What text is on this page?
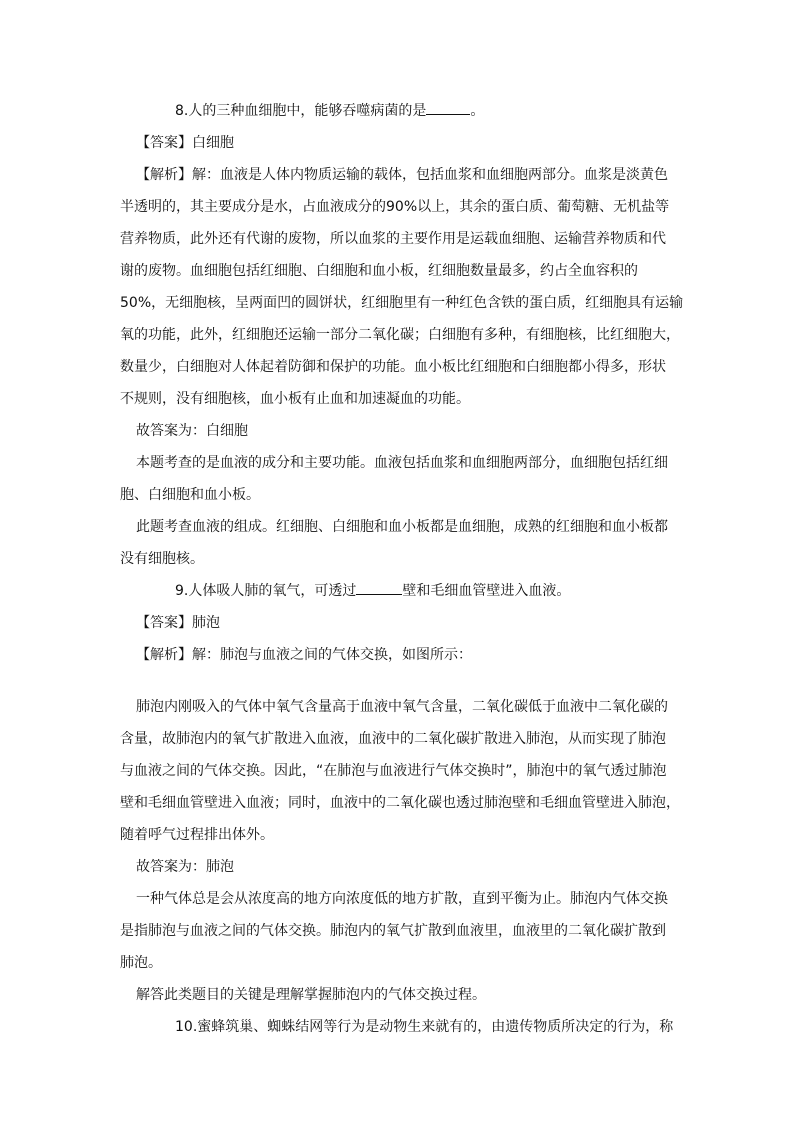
8.人的三种血细胞中，能够吞噬病菌的是	。
【答案】白细胞
【解析】解：血液是人体内物质运输的载体，包括血浆和血细胞两部分。血浆是淡黄色
半透明的，其主要成分是水，占血液成分的90%以上，其余的蛋白质、葡萄糖、无机盐等
营养物质，此外还有代谢的废物，所以血浆的主要作用是运载血细胞、运输营养物质和代
谢的废物。血细胞包括红细胞、白细胞和血小板，红细胞数量最多，约占全血容积的
50%，无细胞核，呈两面凹的圆饼状，红细胞里有一种红色含铁的蛋白质，红细胞具有运输
氧的功能，此外，红细胞还运输一部分二氧化碳；白细胞有多种，有细胞核，比红细胞大，
数量少，白细胞对人体起着防御和保护的功能。血小板比红细胞和白细胞都小得多，形状
不规则，没有细胞核，血小板有止血和加速凝血的功能。
故答案为：白细胞
本题考查的是血液的成分和主要功能。血液包括血浆和血细胞两部分，血细胞包括红细
胞、白细胞和血小板。
此题考查血液的组成。红细胞、白细胞和血小板都是血细胞，成熟的红细胞和血小板都
没有细胞核。
9.人体吸人肺的氧气，可透过	壁和毛细血管壁进入血液。
【答案】肺泡
【解析】解：肺泡与血液之间的气体交换，如图所示：
肺泡内刚吸入的气体中氧气含量高于血液中氧气含量，二氧化碳低于血液中二氧化碳的
含量，故肺泡内的氧气扩散进入血液，血液中的二氧化碳扩散进入肺泡，从而实现了肺泡
与血液之间的气体交换。因此，“在肺泡与血液进行气体交换时”，肺泡中的氧气透过肺泡
壁和毛细血管壁进入血液；同时，血液中的二氧化碳也透过肺泡壁和毛细血管壁进入肺泡，
随着呼气过程排出体外。
故答案为：肺泡
一种气体总是会从浓度高的地方向浓度低的地方扩散，直到平衡为止。肺泡内气体交换
是指肺泡与血液之间的气体交换。肺泡内的氧气扩散到血液里，血液里的二氧化碳扩散到
肺泡。
解答此类题目的关键是理解掌握肺泡内的气体交换过程。
10.蜜蜂筑巢、蜘蛛结网等行为是动物生来就有的，由遗传物质所决定的行为，称
